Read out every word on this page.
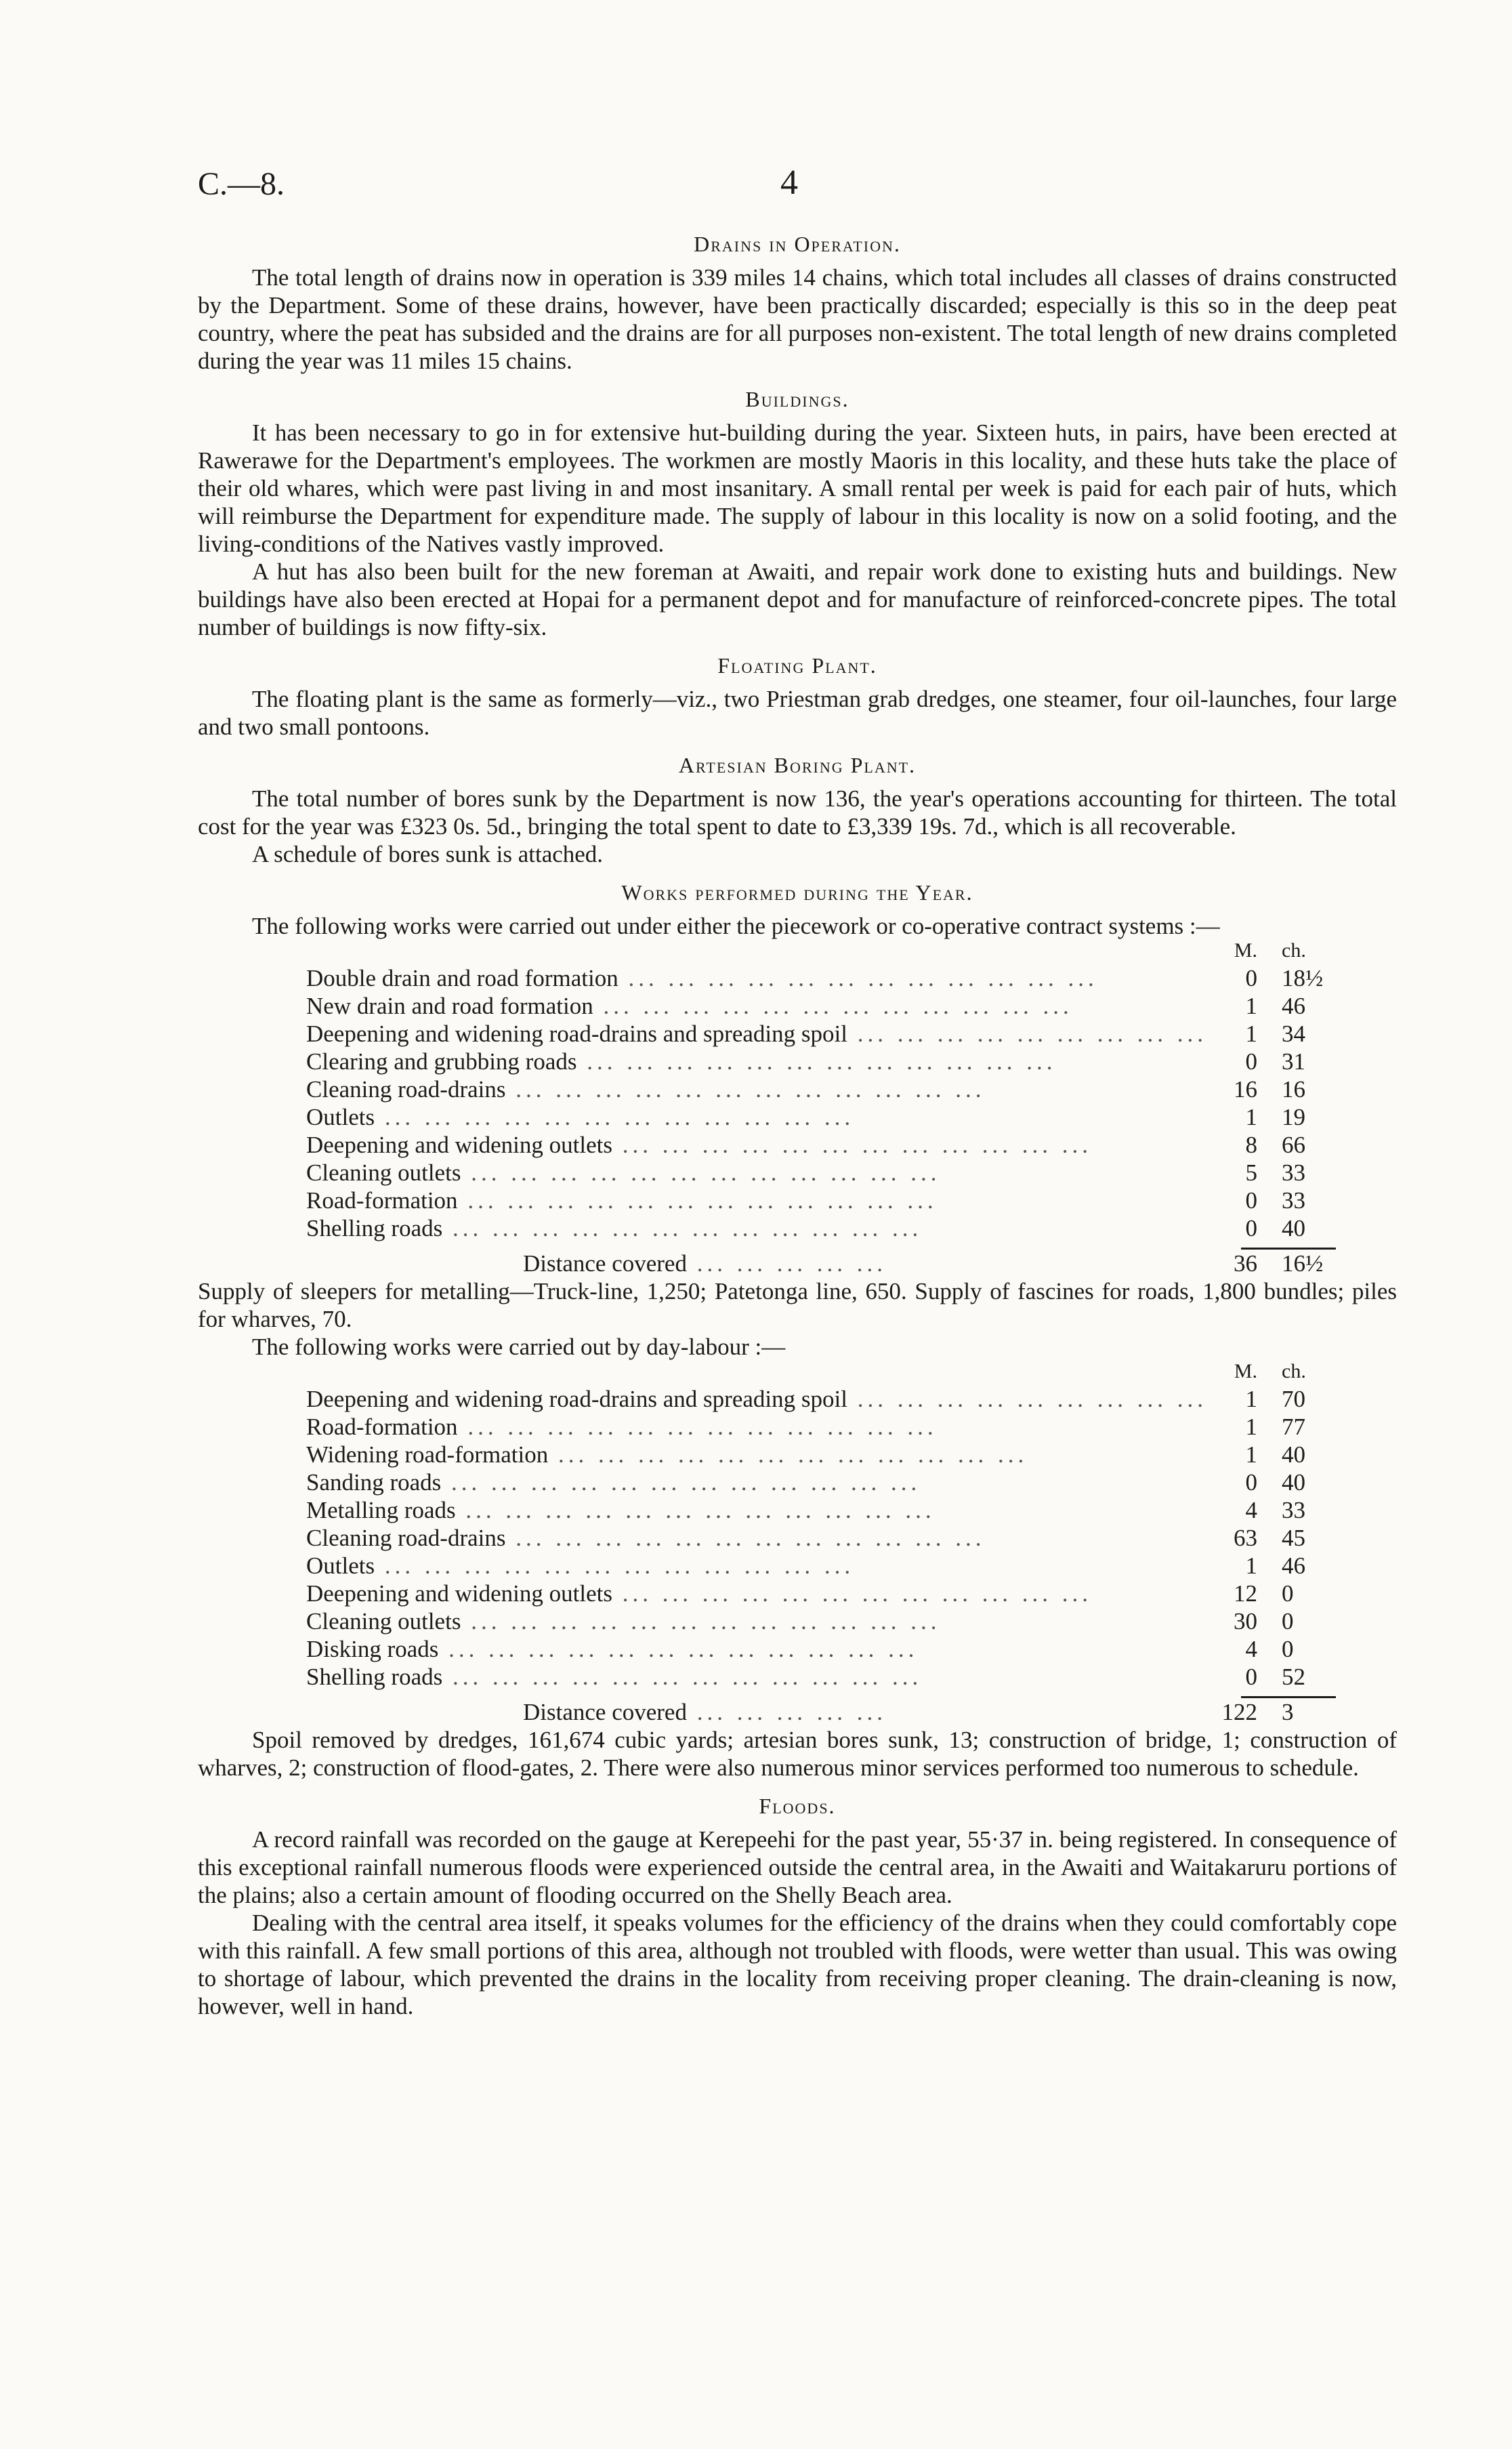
C.—8.	4
Drains in Operation.

The total length of drains now in operation is 339 miles 14 chains, which total includes all classes of drains constructed by the Department. Some of these drains, however, have been practically discarded; especially is this so in the deep peat country, where the peat has subsided and the drains are for all purposes non-existent. The total length of new drains completed during the year was 11 miles 15 chains.

Buildings.

It has been necessary to go in for extensive hut-building during the year. Sixteen huts, in pairs, have been erected at Rawerawe for the Department's employees. The workmen are mostly Maoris in this locality, and these huts take the place of their old whares, which were past living in and most insanitary. A small rental per week is paid for each pair of huts, which will reimburse the Department for expenditure made. The supply of labour in this locality is now on a solid footing, and the living-conditions of the Natives vastly improved.

A hut has also been built for the new foreman at Awaiti, and repair work done to existing huts and buildings. New buildings have also been erected at Hopai for a permanent depot and for manufacture of reinforced-concrete pipes. The total number of buildings is now fifty-six.

Floating Plant.

The floating plant is the same as formerly—viz., two Priestman grab dredges, one steamer, four oil-launches, four large and two small pontoons.

Artesian Boring Plant.

The total number of bores sunk by the Department is now 136, the year's operations accounting for thirteen. The total cost for the year was £323 0s. 5d., bringing the total spent to date to £3,339 19s. 7d., which is all recoverable.

A schedule of bores sunk is attached.

Works performed during the Year.

The following works were carried out under either the piecework or co-operative contract systems :—

M.	ch.
Double drain and road formation ...	0	18½
New drain and road formation ...	1	46
Deepening and widening road-drains and spreading spoil ...	1	34
Clearing and grubbing roads ...	0	31
Cleaning road-drains ...	16	16
Outlets ...	1	19
Deepening and widening outlets ...	8	66
Cleaning outlets ...	5	33
Road-formation ...	0	33
Shelling roads ...	0	40
Distance covered ...	36	16½

Supply of sleepers for metalling—Truck-line, 1,250; Patetonga line, 650. Supply of fascines for roads, 1,800 bundles; piles for wharves, 70.

The following works were carried out by day-labour :—

M.	ch.
Deepening and widening road-drains and spreading spoil ...	1	70
Road-formation ...	1	77
Widening road-formation ...	1	40
Sanding roads ...	0	40
Metalling roads ...	4	33
Cleaning road-drains ...	63	45
Outlets ...	1	46
Deepening and widening outlets ...	12	0
Cleaning outlets ...	30	0
Disking roads ...	4	0
Shelling roads ...	0	52
Distance covered ...	122	3

Spoil removed by dredges, 161,674 cubic yards; artesian bores sunk, 13; construction of bridge, 1; construction of wharves, 2; construction of flood-gates, 2. There were also numerous minor services performed too numerous to schedule.

Floods.

A record rainfall was recorded on the gauge at Kerepeehi for the past year, 55·37 in. being registered. In consequence of this exceptional rainfall numerous floods were experienced outside the central area, in the Awaiti and Waitakaruru portions of the plains; also a certain amount of flooding occurred on the Shelly Beach area.

Dealing with the central area itself, it speaks volumes for the efficiency of the drains when they could comfortably cope with this rainfall. A few small portions of this area, although not troubled with floods, were wetter than usual. This was owing to shortage of labour, which prevented the drains in the locality from receiving proper cleaning. The drain-cleaning is now, however, well in hand.
